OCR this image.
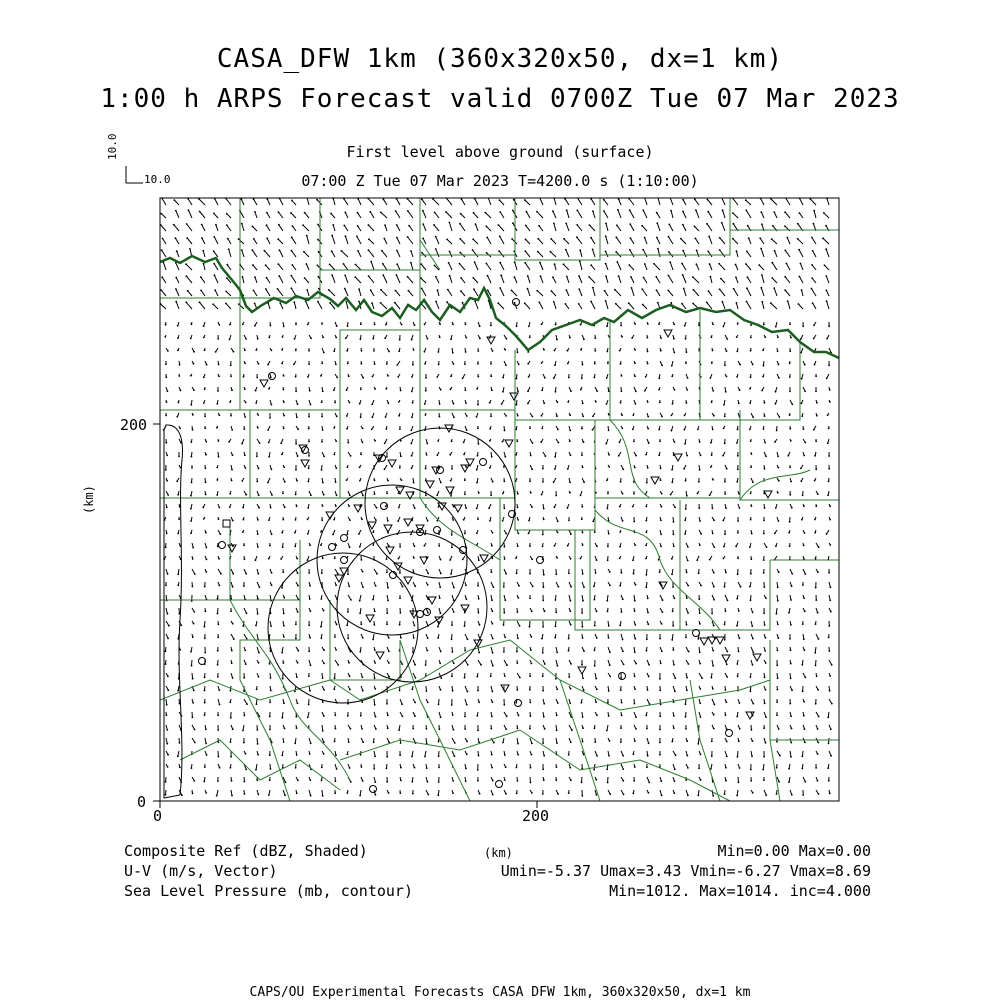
CASA_DFW 1km (360x320x50, dx=1 km)
1:00 h ARPS Forecast valid 0700Z Tue 07 Mar 2023
First level above ground (surface)
07:00 Z Tue 07 Mar 2023 T=4200.0 s (1:10:00)
10.0
10.0
0	200
0
200
(km)
(km)
Composite Ref (dBZ, Shaded)	Min=0.00 Max=0.00
U-V (m/s, Vector)	Umin=-5.37 Umax=3.43 Vmin=-6.27 Vmax=8.69
Sea Level Pressure (mb, contour)	Min=1012. Max=1014. inc=4.000
CAPS/OU Experimental Forecasts CASA DFW 1km, 360x320x50, dx=1 km
